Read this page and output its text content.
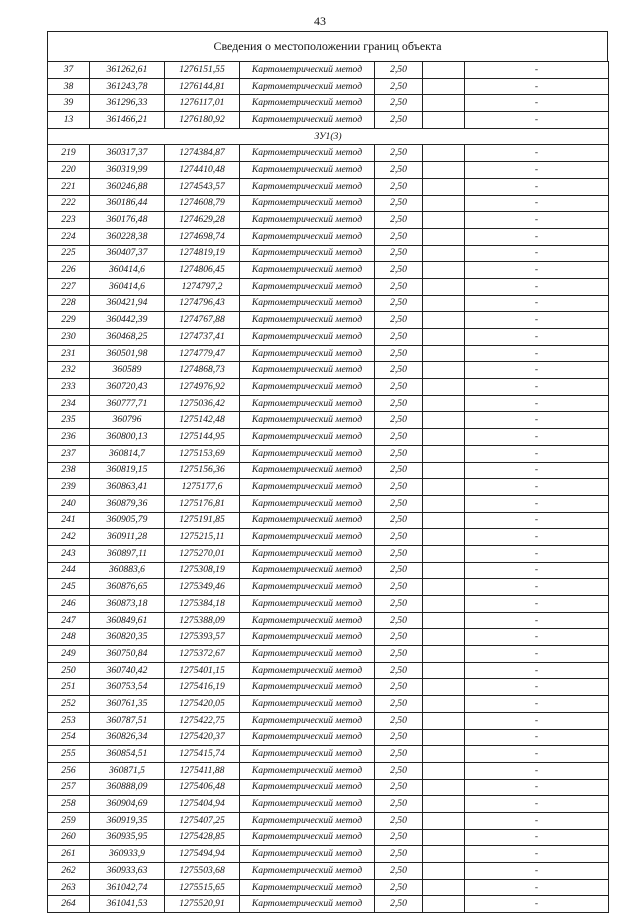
43
Сведения о местоположении границ объекта
37	361262,61	1276151,55	Картометрический метод	2,50		-
38	361243,78	1276144,81	Картометрический метод	2,50		-
39	361296,33	1276117,01	Картометрический метод	2,50		-
13	361466,21	1276180,92	Картометрический метод	2,50		-
ЗУ1(3)						
219	360317,37	1274384,87	Картометрический метод	2,50		-
220	360319,99	1274410,48	Картометрический метод	2,50		-
221	360246,88	1274543,57	Картометрический метод	2,50		-
222	360186,44	1274608,79	Картометрический метод	2,50		-
223	360176,48	1274629,28	Картометрический метод	2,50		-
224	360228,38	1274698,74	Картометрический метод	2,50		-
225	360407,37	1274819,19	Картометрический метод	2,50		-
226	360414,6	1274806,45	Картометрический метод	2,50		-
227	360414,6	1274797,2	Картометрический метод	2,50		-
228	360421,94	1274796,43	Картометрический метод	2,50		-
229	360442,39	1274767,88	Картометрический метод	2,50		-
230	360468,25	1274737,41	Картометрический метод	2,50		-
231	360501,98	1274779,47	Картометрический метод	2,50		-
232	360589	1274868,73	Картометрический метод	2,50		-
233	360720,43	1274976,92	Картометрический метод	2,50		-
234	360777,71	1275036,42	Картометрический метод	2,50		-
235	360796	1275142,48	Картометрический метод	2,50		-
236	360800,13	1275144,95	Картометрический метод	2,50		-
237	360814,7	1275153,69	Картометрический метод	2,50		-
238	360819,15	1275156,36	Картометрический метод	2,50		-
239	360863,41	1275177,6	Картометрический метод	2,50		-
240	360879,36	1275176,81	Картометрический метод	2,50		-
241	360905,79	1275191,85	Картометрический метод	2,50		-
242	360911,28	1275215,11	Картометрический метод	2,50		-
243	360897,11	1275270,01	Картометрический метод	2,50		-
244	360883,6	1275308,19	Картометрический метод	2,50		-
245	360876,65	1275349,46	Картометрический метод	2,50		-
246	360873,18	1275384,18	Картометрический метод	2,50		-
247	360849,61	1275388,09	Картометрический метод	2,50		-
248	360820,35	1275393,57	Картометрический метод	2,50		-
249	360750,84	1275372,67	Картометрический метод	2,50		-
250	360740,42	1275401,15	Картометрический метод	2,50		-
251	360753,54	1275416,19	Картометрический метод	2,50		-
252	360761,35	1275420,05	Картометрический метод	2,50		-
253	360787,51	1275422,75	Картометрический метод	2,50		-
254	360826,34	1275420,37	Картометрический метод	2,50		-
255	360854,51	1275415,74	Картометрический метод	2,50		-
256	360871,5	1275411,88	Картометрический метод	2,50		-
257	360888,09	1275406,48	Картометрический метод	2,50		-
258	360904,69	1275404,94	Картометрический метод	2,50		-
259	360919,35	1275407,25	Картометрический метод	2,50		-
260	360935,95	1275428,85	Картометрический метод	2,50		-
261	360933,9	1275494,94	Картометрический метод	2,50		-
262	360933,63	1275503,68	Картометрический метод	2,50		-
263	361042,74	1275515,65	Картометрический метод	2,50		-
264	361041,53	1275520,91	Картометрический метод	2,50		-
